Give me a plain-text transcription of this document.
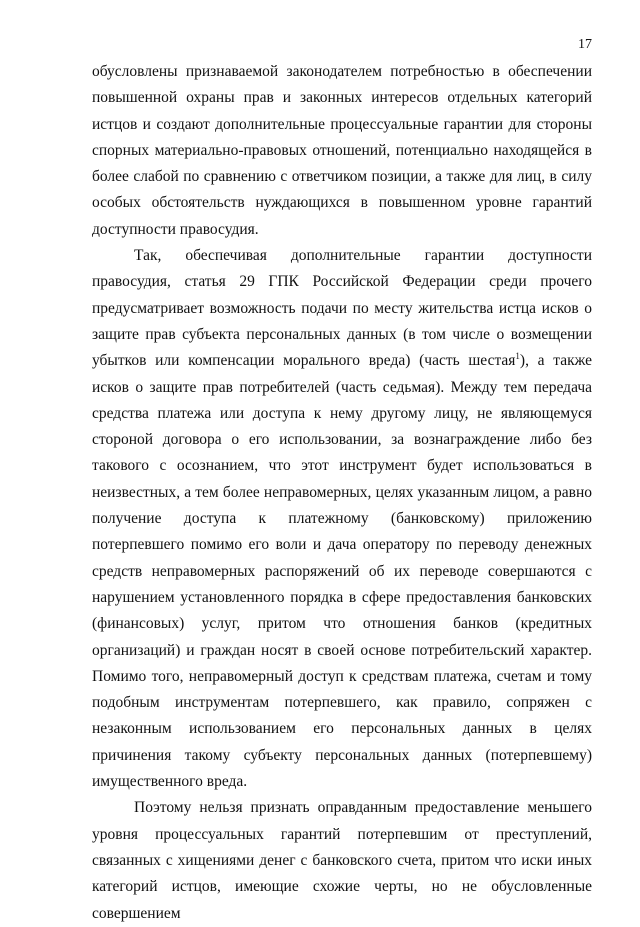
17

обусловлены признаваемой законодателем потребностью в обеспечении повышенной охраны прав и законных интересов отдельных категорий истцов и создают дополнительные процессуальные гарантии для стороны спорных материально-правовых отношений, потенциально находящейся в более слабой по сравнению с ответчиком позиции, а также для лиц, в силу особых обстоятельств нуждающихся в повышенном уровне гарантий доступности правосудия.

Так, обеспечивая дополнительные гарантии доступности правосудия, статья 29 ГПК Российской Федерации среди прочего предусматривает возможность подачи по месту жительства истца исков о защите прав субъекта персональных данных (в том числе о возмещении убытков или компенсации морального вреда) (часть шестая$^1$), а также исков о защите прав потребителей (часть седьмая). Между тем передача средства платежа или доступа к нему другому лицу, не являющемуся стороной договора о его использовании, за вознаграждение либо без такового с осознанием, что этот инструмент будет использоваться в неизвестных, а тем более неправомерных, целях указанным лицом, а равно получение доступа к платежному (банковскому) приложению потерпевшего помимо его воли и дача оператору по переводу денежных средств неправомерных распоряжений об их переводе совершаются с нарушением установленного порядка в сфере предоставления банковских (финансовых) услуг, притом что отношения банков (кредитных организаций) и граждан носят в своей основе потребительский характер. Помимо того, неправомерный доступ к средствам платежа, счетам и тому подобным инструментам потерпевшего, как правило, сопряжен с незаконным использованием его персональных данных в целях причинения такому субъекту персональных данных (потерпевшему) имущественного вреда.

Поэтому нельзя признать оправданным предоставление меньшего уровня процессуальных гарантий потерпевшим от преступлений, связанных с хищениями денег с банковского счета, притом что иски иных категорий истцов, имеющие схожие черты, но не обусловленные совершением
